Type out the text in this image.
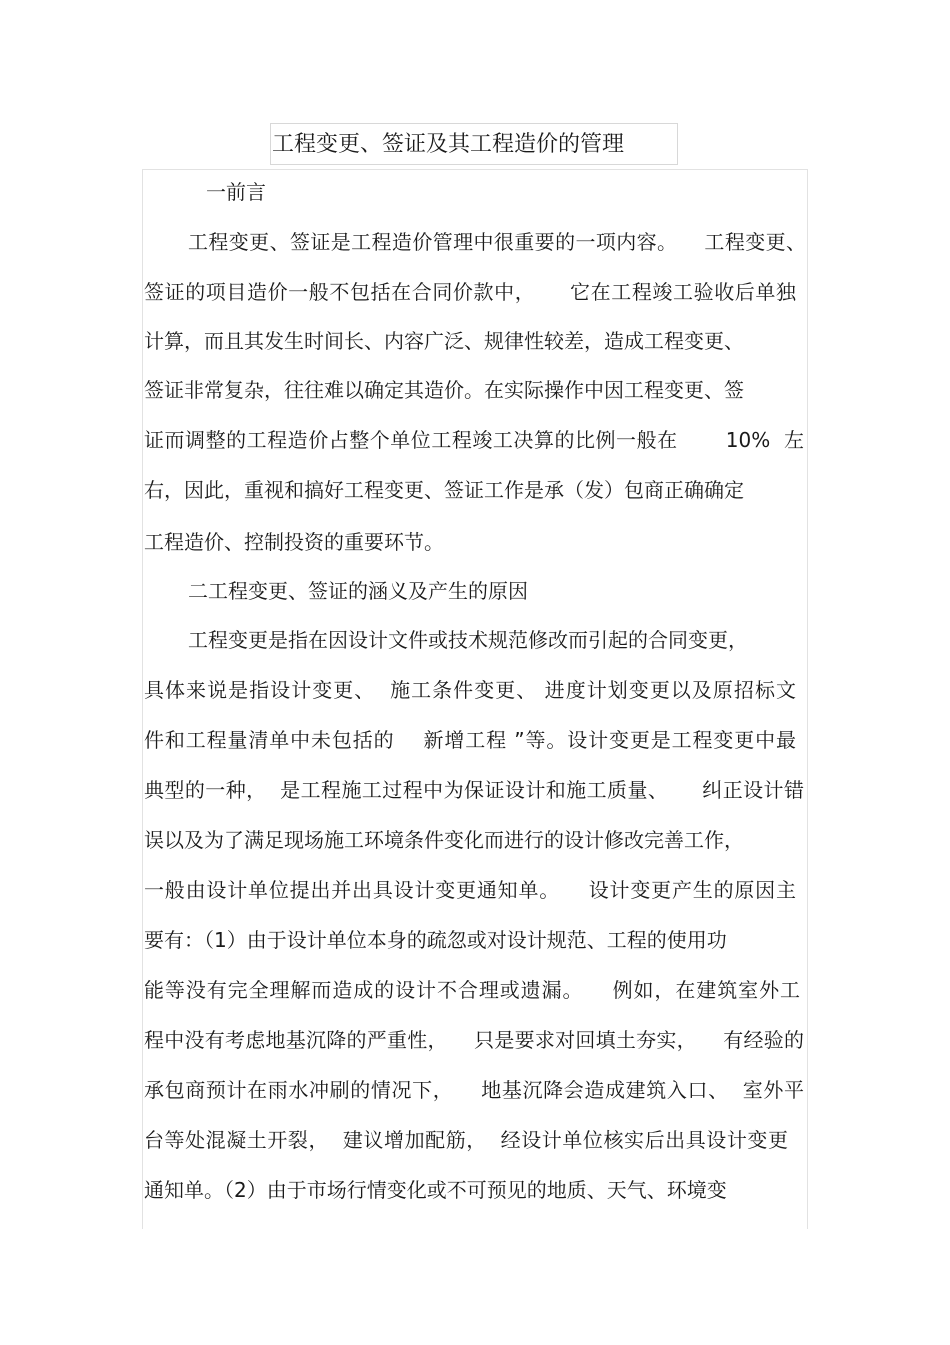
工程变更、签证及其工程造价的管理
一前言
工程变更、签证是工程造价管理中很重要的一项内容。    工程变更、
签证的项目造价一般不包括在合同价款中，     它在工程竣工验收后单独
计算，而且其发生时间长、内容广泛、规律性较差，造成工程变更、
签证非常复杂，往往难以确定其造价。在实际操作中因工程变更、签
证而调整的工程造价占整个单位工程竣工决算的比例一般在       10%  左
右，因此，重视和搞好工程变更、签证工作是承（发）包商正确确定
工程造价、控制投资的重要环节。
二工程变更、签证的涵义及产生的原因
工程变更是指在因设计文件或技术规范修改而引起的合同变更，
具体来说是指设计变更、  施工条件变更、 进度计划变更以及原招标文
件和工程量清单中未包括的    新增工程 ”等。设计变更是工程变更中最
典型的一种，  是工程施工过程中为保证设计和施工质量、     纠正设计错
误以及为了满足现场施工环境条件变化而进行的设计修改完善工作，
一般由设计单位提出并出具设计变更通知单。    设计变更产生的原因主
要有：（1）由于设计单位本身的疏忽或对设计规范、工程的使用功
能等没有完全理解而造成的设计不合理或遗漏。    例如，在建筑室外工
程中没有考虑地基沉降的严重性，    只是要求对回填土夯实，    有经验的
承包商预计在雨水冲刷的情况下，    地基沉降会造成建筑入口、  室外平
台等处混凝土开裂，  建议增加配筋，  经设计单位核实后出具设计变更
通知单。（2）由于市场行情变化或不可预见的地质、天气、环境变
